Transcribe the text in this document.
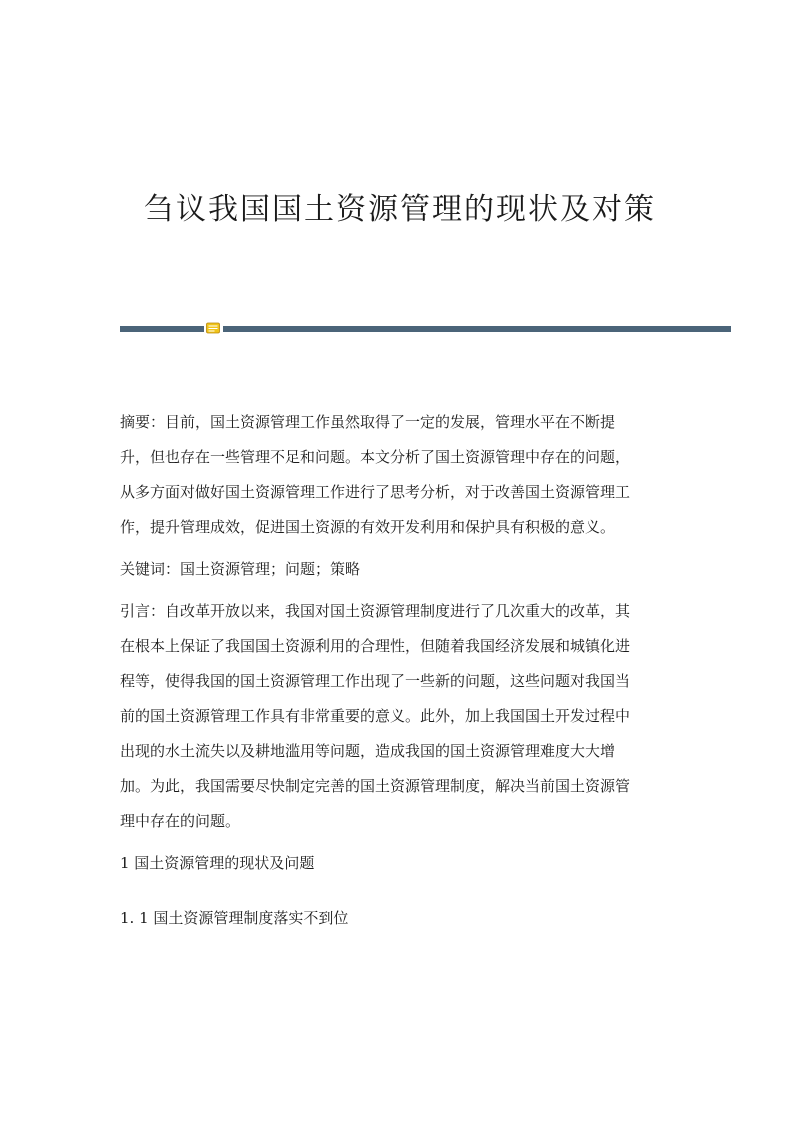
刍议我国国土资源管理的现状及对策

摘要：目前，国土资源管理工作虽然取得了一定的发展，管理水平在不断提
升，但也存在一些管理不足和问题。本文分析了国土资源管理中存在的问题，
从多方面对做好国土资源管理工作进行了思考分析，对于改善国土资源管理工
作，提升管理成效，促进国土资源的有效开发利用和保护具有积极的意义。

关键词：国土资源管理；问题；策略

引言：自改革开放以来，我国对国土资源管理制度进行了几次重大的改革，其
在根本上保证了我国国土资源利用的合理性，但随着我国经济发展和城镇化进
程等，使得我国的国土资源管理工作出现了一些新的问题，这些问题对我国当
前的国土资源管理工作具有非常重要的意义。此外，加上我国国土开发过程中
出现的水土流失以及耕地滥用等问题，造成我国的国土资源管理难度大大增
加。为此，我国需要尽快制定完善的国土资源管理制度，解决当前国土资源管
理中存在的问题。

1 国土资源管理的现状及问题

1. 1 国土资源管理制度落实不到位
